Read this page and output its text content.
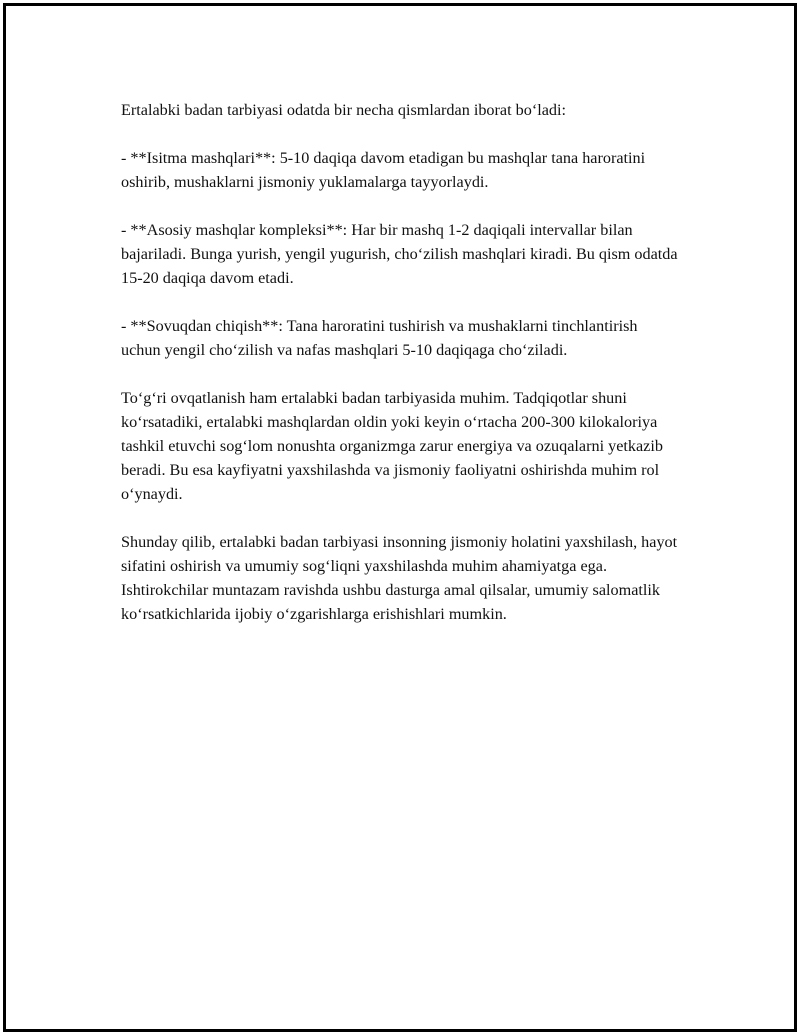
Ertalabki badan tarbiyasi odatda bir necha qismlardan iborat bo‘ladi:

- **Isitma mashqlari**: 5-10 daqiqa davom etadigan bu mashqlar tana haroratini oshirib, mushaklarni jismoniy yuklamalarga tayyorlaydi.

- **Asosiy mashqlar kompleksi**: Har bir mashq 1-2 daqiqali intervallar bilan bajariladi. Bunga yurish, yengil yugurish, cho‘zilish mashqlari kiradi. Bu qism odatda 15-20 daqiqa davom etadi.

- **Sovuqdan chiqish**: Tana haroratini tushirish va mushaklarni tinchlantirish uchun yengil cho‘zilish va nafas mashqlari 5-10 daqiqaga cho‘ziladi.

To‘g‘ri ovqatlanish ham ertalabki badan tarbiyasida muhim. Tadqiqotlar shuni ko‘rsatadiki, ertalabki mashqlardan oldin yoki keyin o‘rtacha 200-300 kilokaloriya tashkil etuvchi sog‘lom nonushta organizmga zarur energiya va ozuqalarni yetkazib beradi. Bu esa kayfiyatni yaxshilashda va jismoniy faoliyatni oshirishda muhim rol o‘ynaydi.

Shunday qilib, ertalabki badan tarbiyasi insonning jismoniy holatini yaxshilash, hayot sifatini oshirish va umumiy sog‘liqni yaxshilashda muhim ahamiyatga ega. Ishtirokchilar muntazam ravishda ushbu dasturga amal qilsalar, umumiy salomatlik ko‘rsatkichlarida ijobiy o‘zgarishlarga erishishlari mumkin.
